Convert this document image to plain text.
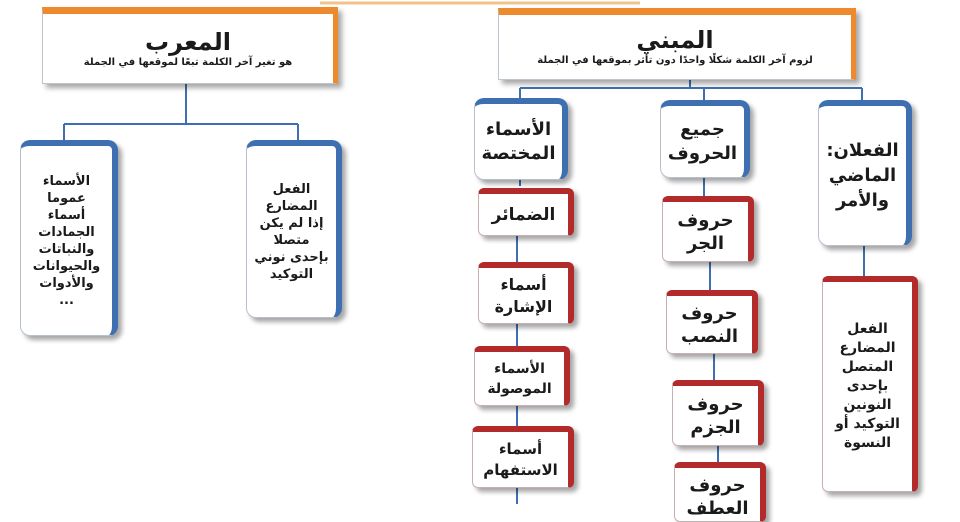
المعرب
هو تغير آخر الكلمة تبعًا لموقعها في الجملة
المبني
لزوم آخر الكلمة شكلًا واحدًا دون تأثر بموقعها في الجملة
الفعل
المضارع
إذا لم يكن
متصلا
بإحدى نوني
التوكيد
الأسماء
عموما
أسماء
الجمادات
والنباتات
والحيوانات
والأدوات
...
الفعلان:
الماضي
والأمر
الفعل
المضارع
المتصل
بإحدى
النونين
التوكيد أو
النسوة
جميع
الحروف
حروف
الجر
حروف
النصب
حروف
الجزم
حروف
العطف
الأسماء
المختصة
الضمائر
أسماء
الإشارة
الأسماء
الموصولة
أسماء
الاستفهام
